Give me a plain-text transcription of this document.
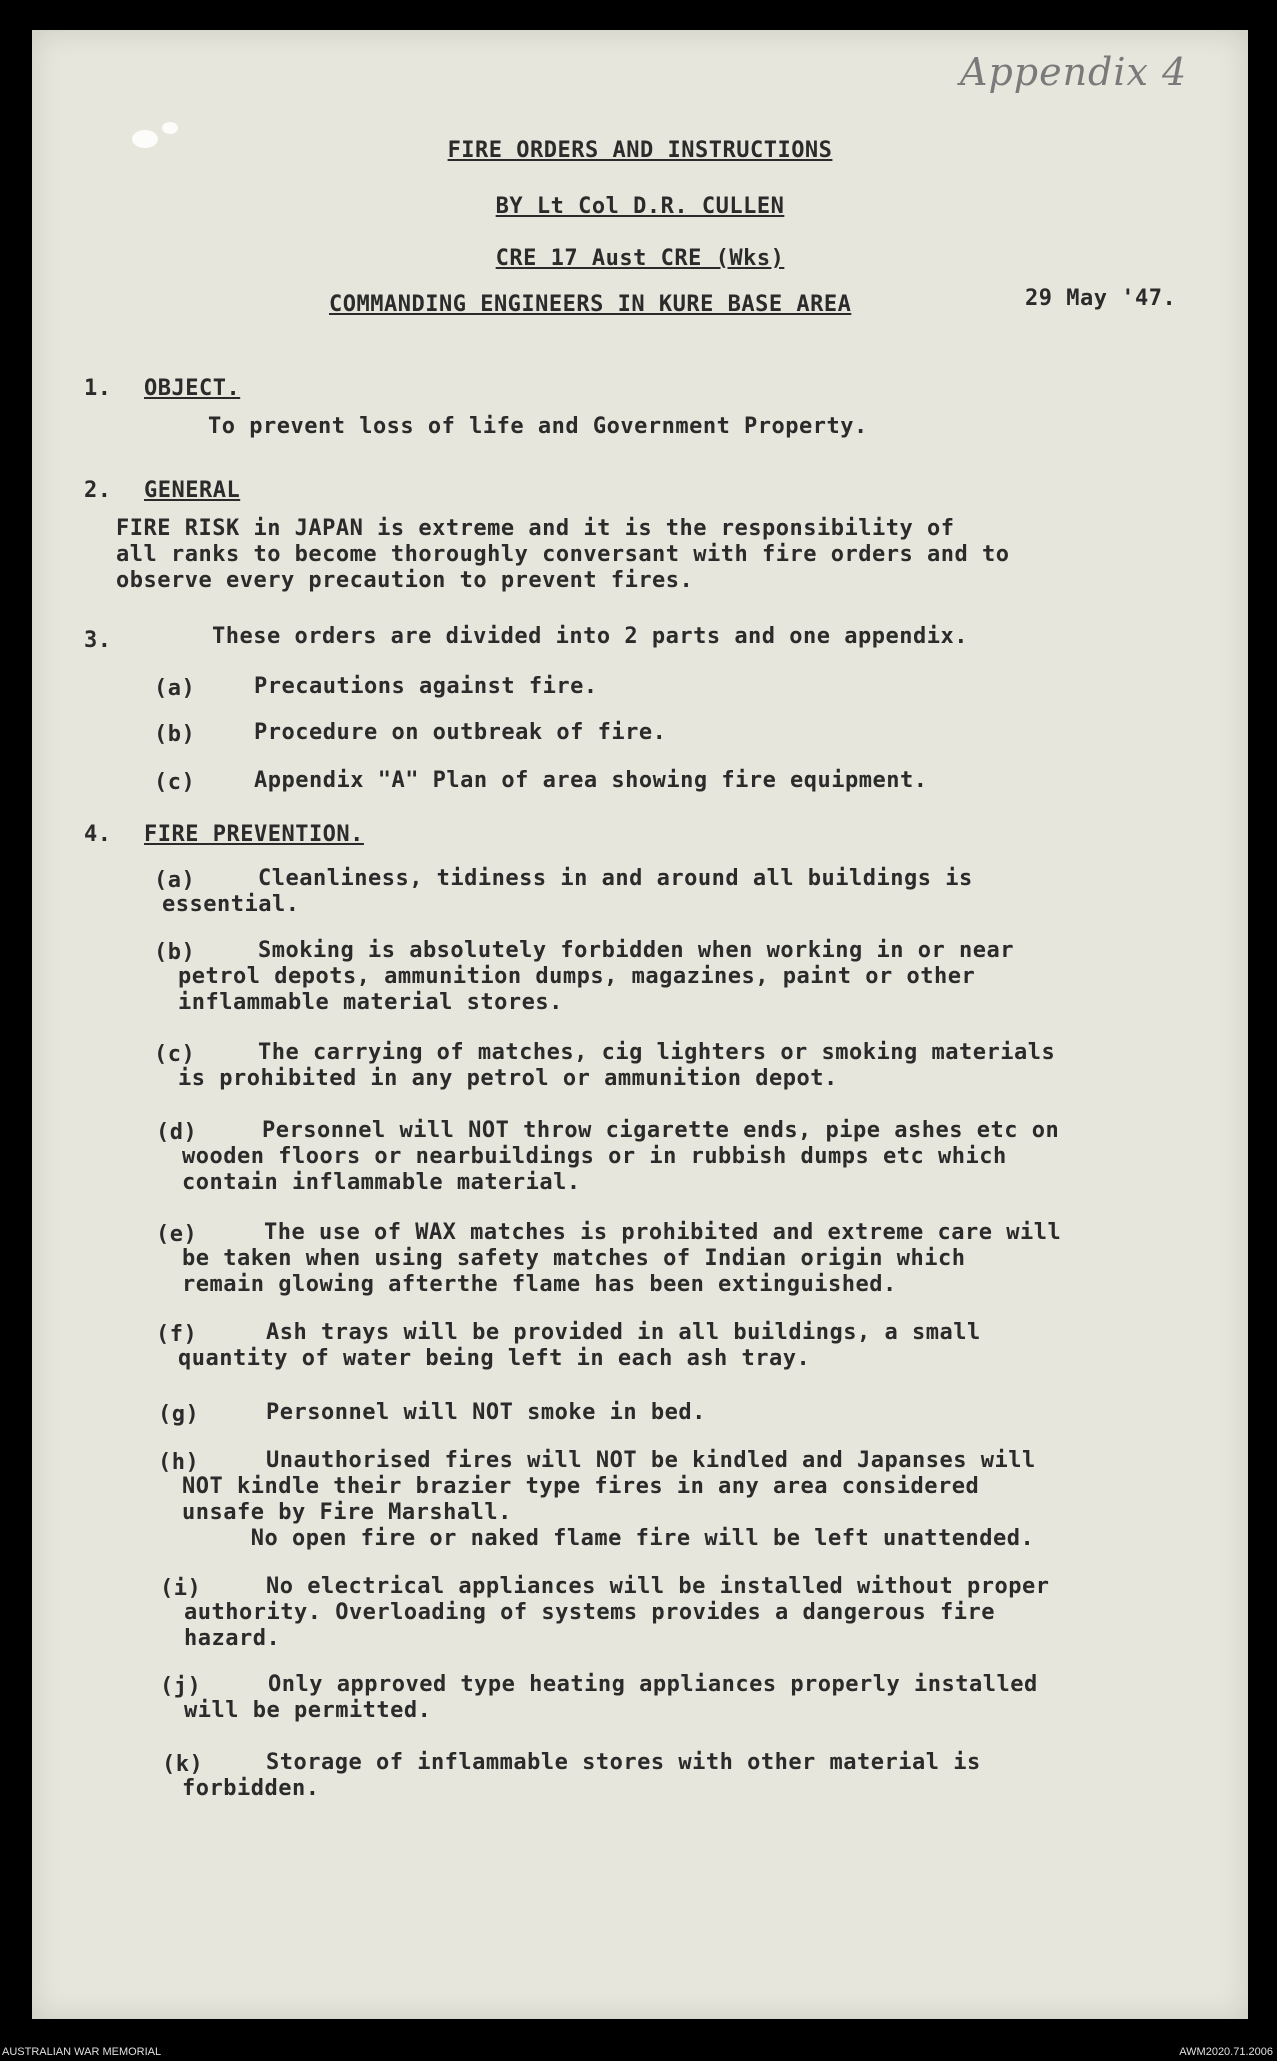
Appendix 4
FIRE ORDERS AND INSTRUCTIONS
BY Lt Col D.R. CULLEN
CRE 17 Aust CRE (Wks)
COMMANDING ENGINEERS IN KURE BASE AREA	29 May '47.
1. OBJECT.
To prevent loss of life and Government Property.
2. GENERAL
FIRE RISK in JAPAN is extreme and it is the responsibility of
all ranks to become thoroughly conversant with fire orders and to
observe every precaution to prevent fires.
3.	These orders are divided into 2 parts and one appendix.
(a)	Precautions against fire.
(b)	Procedure on outbreak of fire.
(c)	Appendix "A" Plan of area showing fire equipment.
4. FIRE PREVENTION.
(a)	Cleanliness, tidiness in and around all buildings is
essential.
(b)	Smoking is absolutely forbidden when working in or near
petrol depots, ammunition dumps, magazines, paint or other
inflammable material stores.
(c)	The carrying of matches, cig lighters or smoking materials
is prohibited in any petrol or ammunition depot.
(d)	Personnel will NOT throw cigarette ends, pipe ashes etc on
wooden floors or nearbuildings or in rubbish dumps etc which
contain inflammable material.
(e)	The use of WAX matches is prohibited and extreme care will
be taken when using safety matches of Indian origin which
remain glowing afterthe flame has been extinguished.
(f)	Ash trays will be provided in all buildings, a small
quantity of water being left in each ash tray.
(g)	Personnel will NOT smoke in bed.
(h)	Unauthorised fires will NOT be kindled and Japanses will
NOT kindle their brazier type fires in any area considered
unsafe by Fire Marshall.
No open fire or naked flame fire will be left unattended.
(i)	No electrical appliances will be installed without proper
authority. Overloading of systems provides a dangerous fire
hazard.
(j)	Only approved type heating appliances properly installed
will be permitted.
(k)	Storage of inflammable stores with other material is
forbidden.
AUSTRALIAN WAR MEMORIAL	AWM2020.71.2006
